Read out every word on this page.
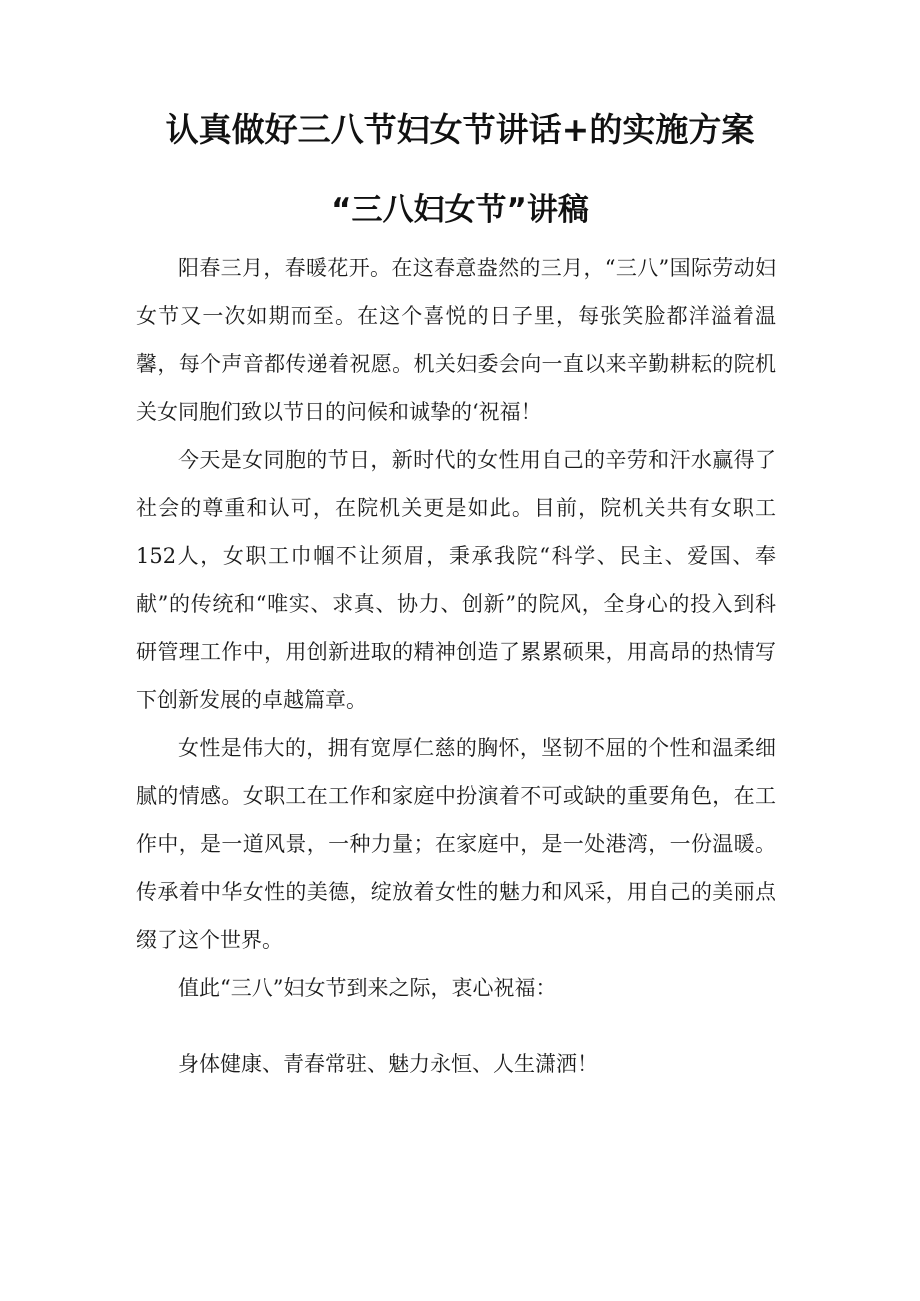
认真做好三八节妇女节讲话+的实施方案
“三八妇女节”讲稿

阳春三月，春暖花开。在这春意盎然的三月，“三八”国际劳动妇女节又一次如期而至。在这个喜悦的日子里，每张笑脸都洋溢着温馨，每个声音都传递着祝愿。机关妇委会向一直以来辛勤耕耘的院机关女同胞们致以节日的问候和诚挚的‘祝福！

今天是女同胞的节日，新时代的女性用自己的辛劳和汗水赢得了社会的尊重和认可，在院机关更是如此。目前，院机关共有女职工152人，女职工巾帼不让须眉，秉承我院“科学、民主、爱国、奉献”的传统和“唯实、求真、协力、创新”的院风，全身心的投入到科研管理工作中，用创新进取的精神创造了累累硕果，用高昂的热情写下创新发展的卓越篇章。

女性是伟大的，拥有宽厚仁慈的胸怀，坚韧不屈的个性和温柔细腻的情感。女职工在工作和家庭中扮演着不可或缺的重要角色，在工作中，是一道风景，一种力量；在家庭中，是一处港湾，一份温暖。传承着中华女性的美德，绽放着女性的魅力和风采，用自己的美丽点缀了这个世界。

值此“三八”妇女节到来之际，衷心祝福：

身体健康、青春常驻、魅力永恒、人生潇洒！
